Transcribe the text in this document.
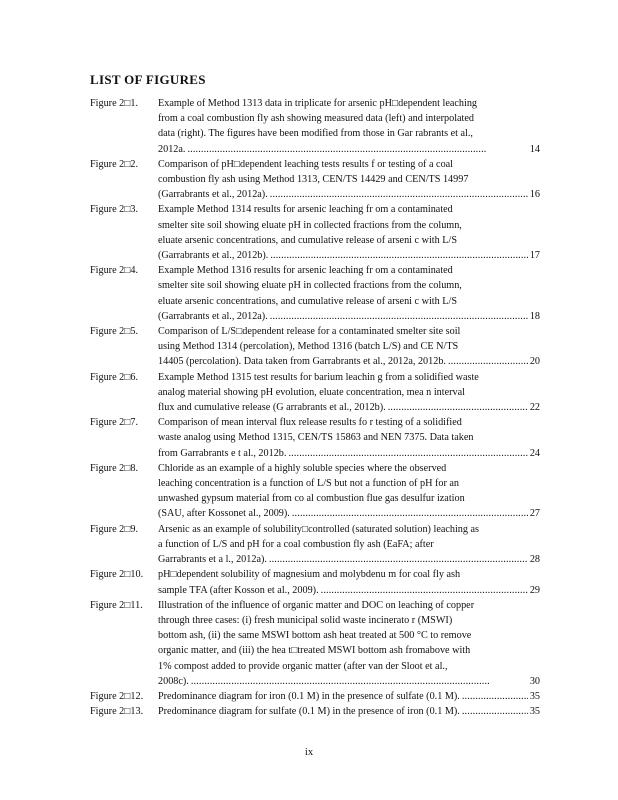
LIST OF FIGURES
Figure 2□1. Example of Method 1313 data in triplicate for arsenic pH□dependent leaching
from a coal combustion fly ash showing measured data (left) and interpolated
data (right). The figures have been modified from those in Gar rabrants et al.,
2012a. . . .	14
Figure 2□2. Comparison of pH□dependent leaching tests results f or testing of a coal
combustion fly ash using Method 1313, CEN/TS 14429 and CEN/TS 14997
(Garrabrants et al., 2012a). . . .	16
Figure 2□3. Example Method 1314 results for arsenic leaching fr om a contaminated
smelter site soil showing eluate pH in collected fractions from the column,
eluate arsenic concentrations, and cumulative release of arseni c with L/S
(Garrabrants et al., 2012b). . . .	17
Figure 2□4. Example Method 1316 results for arsenic leaching fr om a contaminated
smelter site soil showing eluate pH in collected fractions from the column,
eluate arsenic concentrations, and cumulative release of arseni c with L/S
(Garrabrants et al., 2012a). . . .	18
Figure 2□5. Comparison of L/S□dependent release for a contaminated smelter site soil
using Method 1314 (percolation), Method 1316 (batch L/S) and CE N/TS
14405 (percolation). Data taken from Garrabrants et al., 2012a, 2012b. . . .	20
Figure 2□6. Example Method 1315 test results for barium leachin g from a solidified waste
analog material showing pH evolution, eluate concentration, mea n interval
flux and cumulative release (G arrabrants et al., 2012b). . . .	22
Figure 2□7. Comparison of mean interval flux release results fo r testing of a solidified
waste analog using Method 1315, CEN/TS 15863 and NEN 7375. Data taken
from Garrabrants e t al., 2012b. . . .	24
Figure 2□8. Chloride as an example of a highly soluble species where the observed
leaching concentration is a function of L/S but not a function of pH for an
unwashed gypsum material from co al combustion flue gas desulfur ization
(SAU, after Kossonet al., 2009). . . .	27
Figure 2□9. Arsenic as an example of solubility□controlled (saturated solution) leaching as
a function of L/S and pH for a coal combustion fly ash (EaFA; after
Garrabrants et a l., 2012a). . . .	28
Figure 2□10. pH□dependent solubility of magnesium and molybdenu m for coal fly ash
sample TFA (after Kosson et al., 2009). . . .	29
Figure 2□11. Illustration of the influence of organic matter and DOC on leaching of copper
through three cases: (i) fresh municipal solid waste incinerato r (MSWI)
bottom ash, (ii) the same MSWI bottom ash heat treated at 500 °C to remove
organic matter, and (iii) the hea t□treated MSWI bottom ash fromabove with
1% compost added to provide organic matter (after van der Sloot et al.,
2008c). . . .	30
Figure 2□12. Predominance diagram for iron (0.1 M) in the presence of sulfate (0.1 M). . . .	35
Figure 2□13. Predominance diagram for sulfate (0.1 M) in the presence of iron (0.1 M). . . .	35
ix
